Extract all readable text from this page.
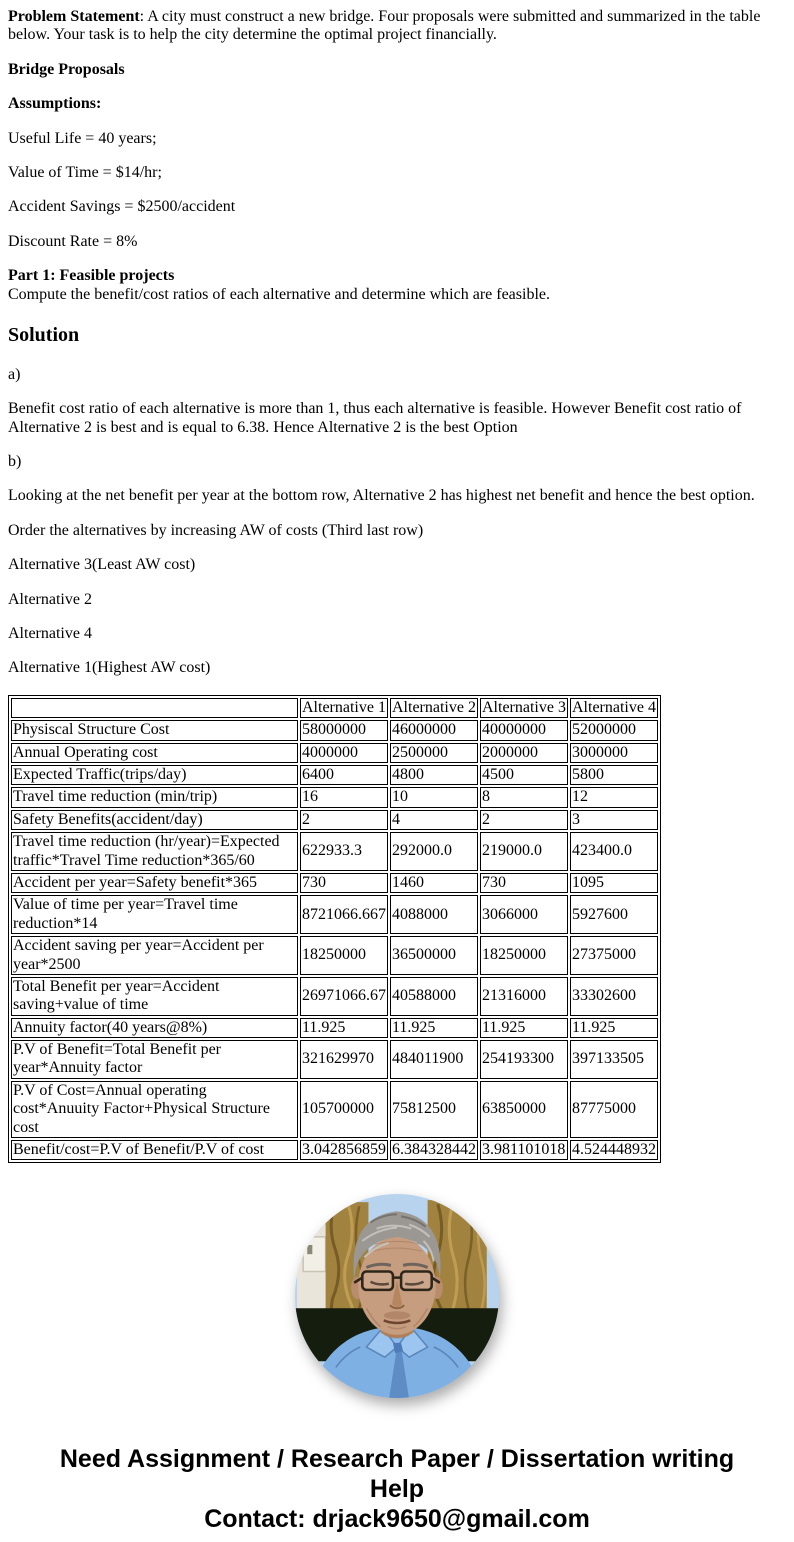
Problem Statement: A city must construct a new bridge. Four proposals were submitted and summarized in the table below. Your task is to help the city determine the optimal project financially.

Bridge Proposals

Assumptions:

Useful Life = 40 years;

Value of Time = $14/hr;

Accident Savings = $2500/accident

Discount Rate = 8%

Part 1: Feasible projects
Compute the benefit/cost ratios of each alternative and determine which are feasible.

Solution

a)

Benefit cost ratio of each alternative is more than 1, thus each alternative is feasible. However Benefit cost ratio of Alternative 2 is best and is equal to 6.38. Hence Alternative 2 is the best Option

b)

Looking at the net benefit per year at the bottom row, Alternative 2 has highest net benefit and hence the best option.

Order the alternatives by increasing AW of costs (Third last row)

Alternative 3(Least AW cost)

Alternative 2

Alternative 4

Alternative 1(Highest AW cost)

	Alternative 1	Alternative 2	Alternative 3	Alternative 4
Physiscal Structure Cost	58000000	46000000	40000000	52000000
Annual Operating cost	4000000	2500000	2000000	3000000
Expected Traffic(trips/day)	6400	4800	4500	5800
Travel time reduction (min/trip)	16	10	8	12
Safety Benefits(accident/day)	2	4	2	3
Travel time reduction (hr/year)=Expected traffic*Travel Time reduction*365/60	622933.3	292000.0	219000.0	423400.0
Accident per year=Safety benefit*365	730	1460	730	1095
Value of time per year=Travel time reduction*14	8721066.667	4088000	3066000	5927600
Accident saving per year=Accident per year*2500	18250000	36500000	18250000	27375000
Total Benefit per year=Accident saving+value of time	26971066.67	40588000	21316000	33302600
Annuity factor(40 years@8%)	11.925	11.925	11.925	11.925
P.V of Benefit=Total Benefit per year*Annuity factor	321629970	484011900	254193300	397133505
P.V of Cost=Annual operating cost*Anuuity Factor+Physical Structure cost	105700000	75812500	63850000	87775000
Benefit/cost=P.V of Benefit/P.V of cost	3.042856859	6.384328442	3.981101018	4.524448932

Need Assignment / Research Paper / Dissertation writing Help

Contact: drjack9650@gmail.com
